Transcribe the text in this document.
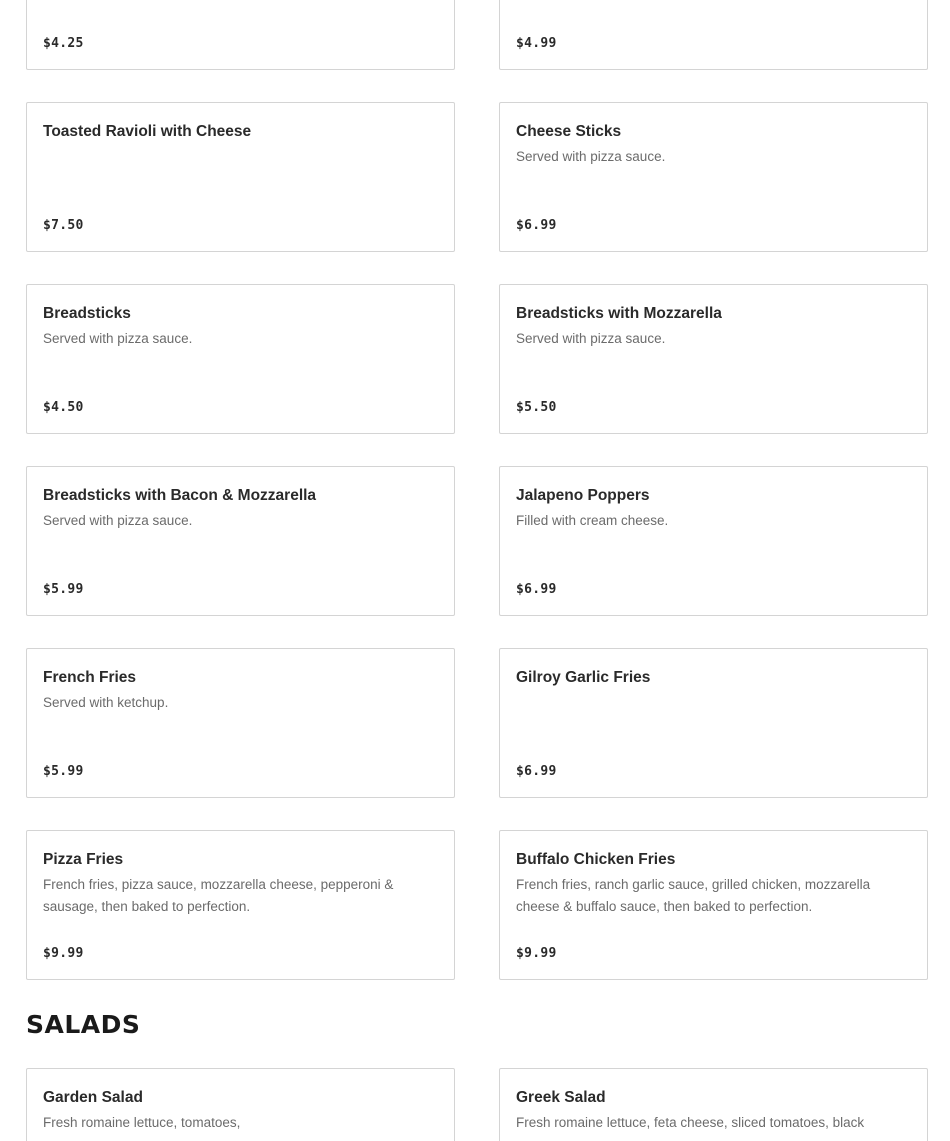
$4.25	$4.99
Toasted Ravioli with Cheese
$7.50
Cheese Sticks
Served with pizza sauce.
$6.99
Breadsticks
Served with pizza sauce.
$4.50
Breadsticks with Mozzarella
Served with pizza sauce.
$5.50
Breadsticks with Bacon & Mozzarella
Served with pizza sauce.
$5.99
Jalapeno Poppers
Filled with cream cheese.
$6.99
French Fries
Served with ketchup.
$5.99
Gilroy Garlic Fries
$6.99
Pizza Fries
French fries, pizza sauce, mozzarella cheese, pepperoni & sausage, then baked to perfection.
$9.99
Buffalo Chicken Fries
French fries, ranch garlic sauce, grilled chicken, mozzarella cheese & buffalo sauce, then baked to perfection.
$9.99
SALADS
Garden Salad
Fresh romaine lettuce, tomatoes,
Greek Salad
Fresh romaine lettuce, feta cheese, sliced tomatoes, black
